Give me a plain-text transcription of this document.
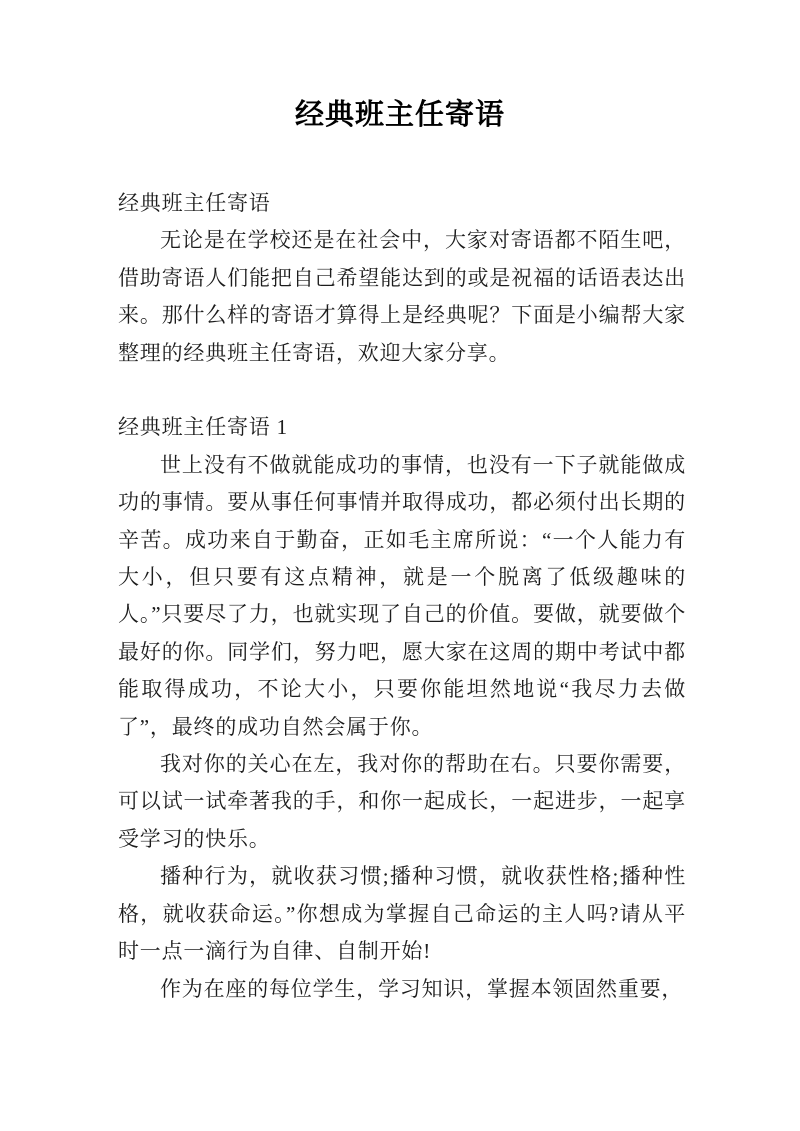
经典班主任寄语

经典班主任寄语

无论是在学校还是在社会中，大家对寄语都不陌生吧，借助寄语人们能把自己希望能达到的或是祝福的话语表达出来。那什么样的寄语才算得上是经典呢？下面是小编帮大家整理的经典班主任寄语，欢迎大家分享。

经典班主任寄语 1

世上没有不做就能成功的事情，也没有一下子就能做成功的事情。要从事任何事情并取得成功，都必须付出长期的辛苦。成功来自于勤奋，正如毛主席所说：“一个人能力有大小，但只要有这点精神，就是一个脱离了低级趣味的人。”只要尽了力，也就实现了自己的价值。要做，就要做个最好的你。同学们，努力吧，愿大家在这周的期中考试中都能取得成功，不论大小，只要你能坦然地说“我尽力去做了”，最终的成功自然会属于你。

我对你的关心在左，我对你的帮助在右。只要你需要，可以试一试牵著我的手，和你一起成长，一起进步，一起享受学习的快乐。

播种行为，就收获习惯;播种习惯，就收获性格;播种性格，就收获命运。”你想成为掌握自己命运的主人吗?请从平时一点一滴行为自律、自制开始!

作为在座的每位学生，学习知识，掌握本领固然重要，
